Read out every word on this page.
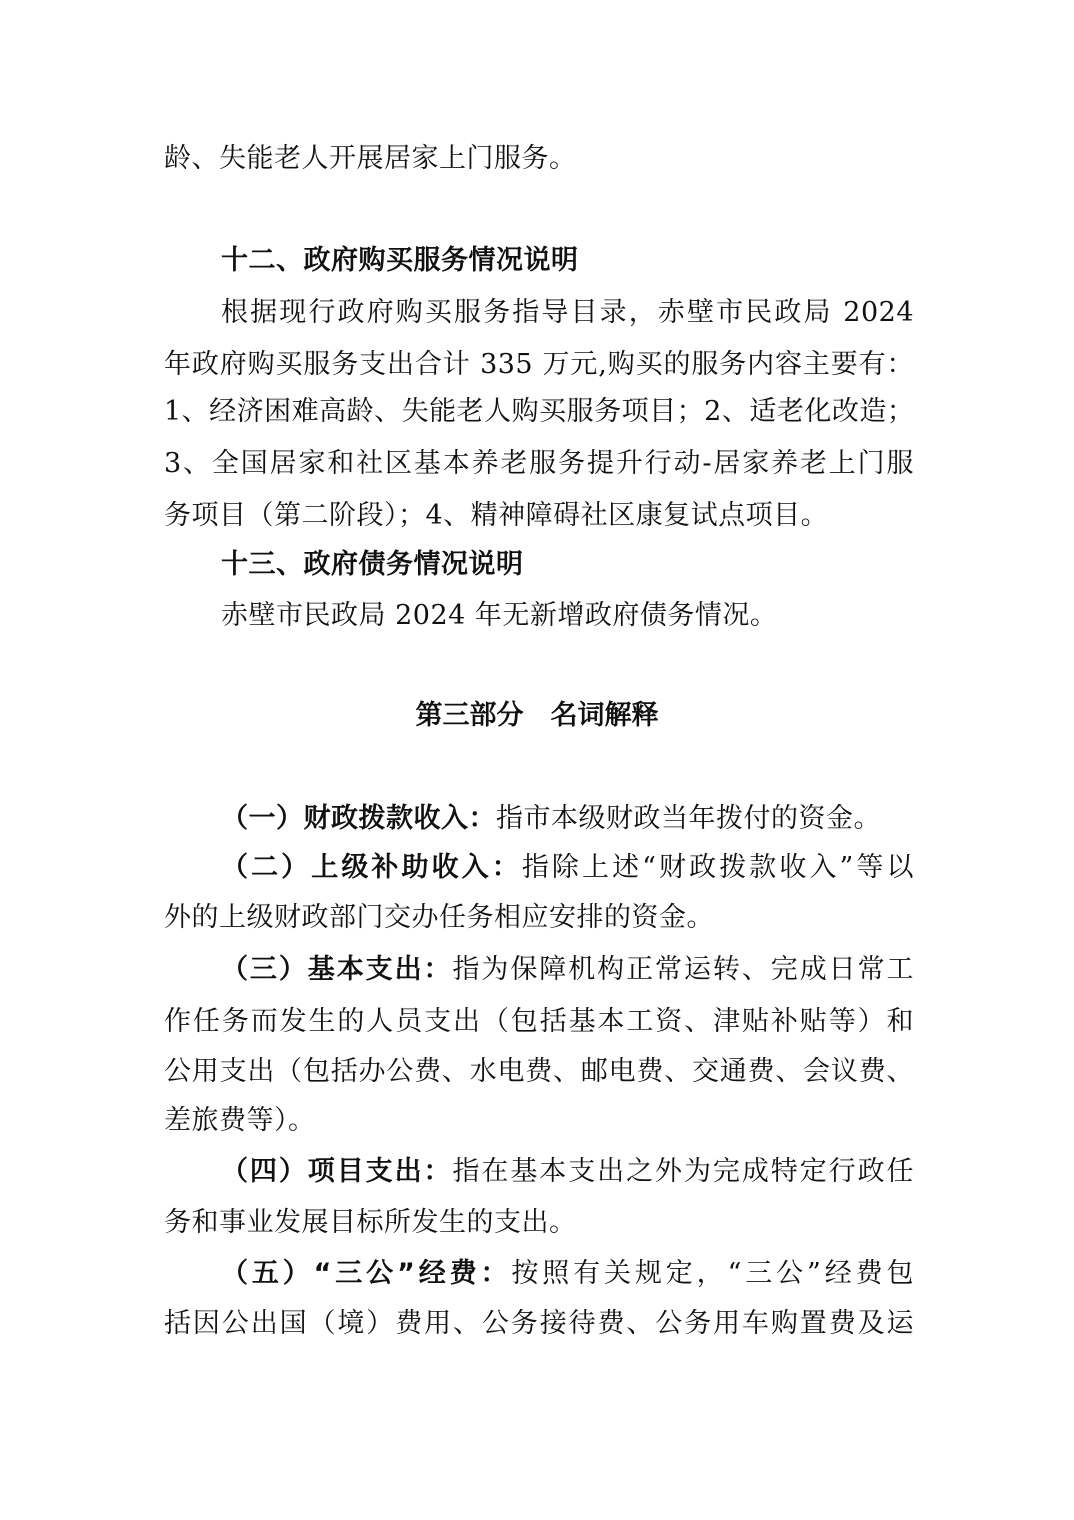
龄、失能老人开展居家上门服务。
十二、政府购买服务情况说明
根据现行政府购买服务指导目录，赤壁市民政局 2024
年政府购买服务支出合计 335 万元,购买的服务内容主要有：
1、经济困难高龄、失能老人购买服务项目；2、适老化改造；
3、全国居家和社区基本养老服务提升行动-居家养老上门服
务项目（第二阶段）；4、精神障碍社区康复试点项目。
十三、政府债务情况说明
赤壁市民政局 2024 年无新增政府债务情况。
第三部分　名词解释
（一）财政拨款收入：指市本级财政当年拨付的资金。
（二）上级补助收入：指除上述“财政拨款收入”等以
外的上级财政部门交办任务相应安排的资金。
（三）基本支出：指为保障机构正常运转、完成日常工
作任务而发生的人员支出（包括基本工资、津贴补贴等）和
公用支出（包括办公费、水电费、邮电费、交通费、会议费、
差旅费等）。
（四）项目支出：指在基本支出之外为完成特定行政任
务和事业发展目标所发生的支出。
（五）“三公”经费：按照有关规定，“三公”经费包
括因公出国（境）费用、公务接待费、公务用车购置费及运
